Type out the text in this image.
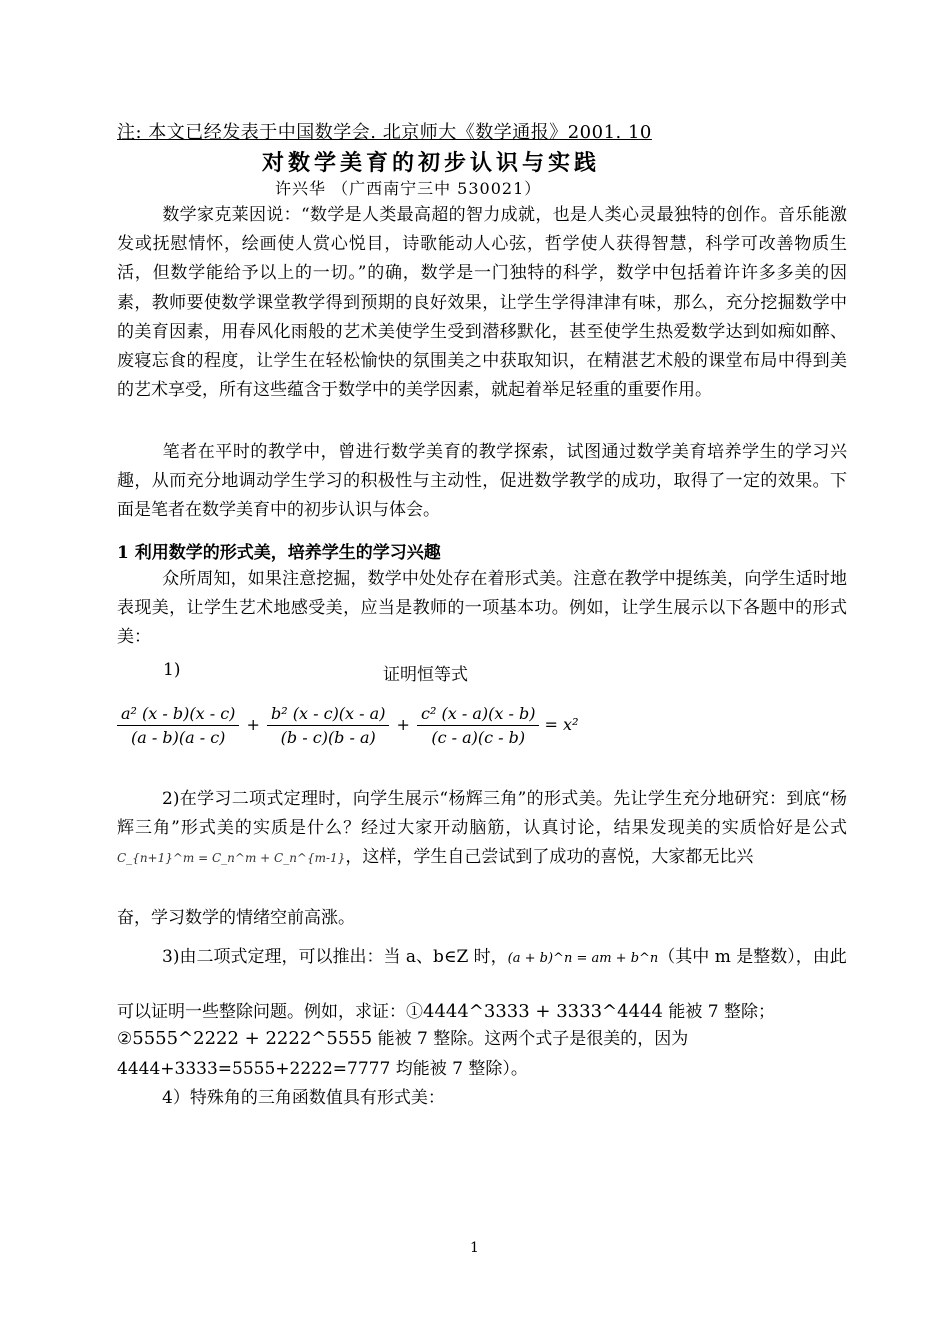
注: 本文已经发表于中国数学会. 北京师大《数学通报》2001. 10
对数学美育的初步认识与实践
许兴华 （广西南宁三中 530021）
数学家克莱因说：“数学是人类最高超的智力成就，也是人类心灵最独特的创作。音乐能激发或抚慰情怀，绘画使人赏心悦目，诗歌能动人心弦，哲学使人获得智慧，科学可改善物质生活，但数学能给予以上的一切。”的确，数学是一门独特的科学，数学中包括着许许多多美的因素，教师要使数学课堂教学得到预期的良好效果，让学生学得津津有味，那么，充分挖掘数学中的美育因素，用春风化雨般的艺术美使学生受到潜移默化，甚至使学生热爱数学达到如痴如醉、废寝忘食的程度，让学生在轻松愉快的氛围美之中获取知识，在精湛艺术般的课堂布局中得到美的艺术享受，所有这些蕴含于数学中的美学因素，就起着举足轻重的重要作用。
笔者在平时的教学中，曾进行数学美育的教学探索，试图通过数学美育培养学生的学习兴趣，从而充分地调动学生学习的积极性与主动性，促进数学教学的成功，取得了一定的效果。下面是笔者在数学美育中的初步认识与体会。
1 利用数学的形式美，培养学生的学习兴趣
众所周知，如果注意挖掘，数学中处处存在着形式美。注意在教学中提练美，向学生适时地表现美，让学生艺术地感受美，应当是教师的一项基本功。例如，让学生展示以下各题中的形式美：
1)	证明恒等式
$\frac{\text{a² (x - b)(x - c)}}{(a - b)(a - c)} + \frac{\text{b² (x - c)(x - a)}}{(b - c)(b - a)} + \frac{\text{c² (x - a)(x - b)}}{(c - a)(c - b)} = x^2$
2)在学习二项式定理时，向学生展示“杨辉三角”的形式美。先让学生充分地研究：到底“杨辉三角”形式美的实质是什么？经过大家开动脑筋，认真讨论，结果发现美的实质恰好是公式C_{n+1}^m = C_n^m + C_n^{m-1}，这样，学生自己尝试到了成功的喜悦，大家都无比兴
奋，学习数学的情绪空前高涨。
3)由二项式定理，可以推出：当 a、b∈Z 时，(a + b)^n = am + b^n（其中 m 是整数），由此
可以证明一些整除问题。例如，求证：①4444^3333 + 3333^4444 能被 7 整除；
②5555^2222 + 2222^5555 能被 7 整除。这两个式子是很美的，因为
4444+3333=5555+2222=7777 均能被 7 整除）。
4）特殊角的三角函数值具有形式美：
1
